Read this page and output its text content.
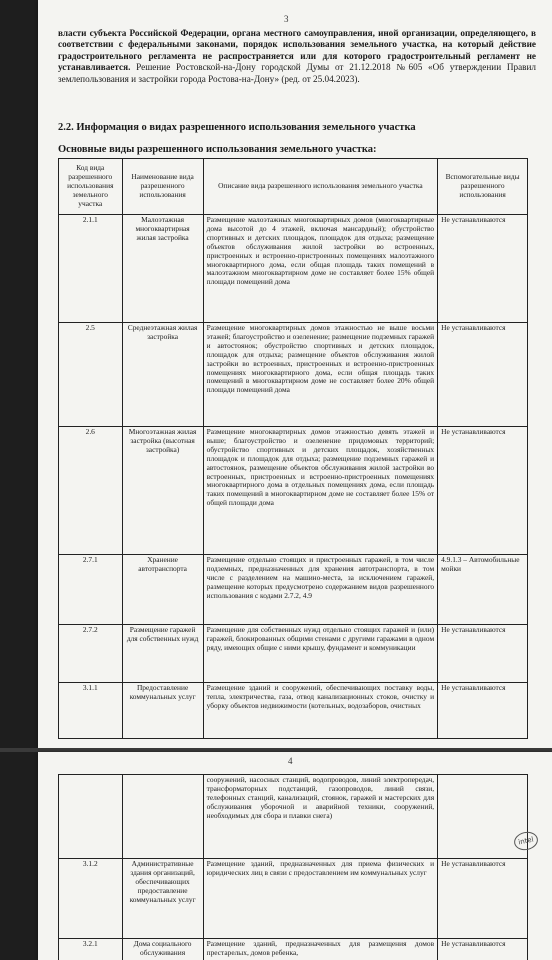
3
власти субъекта Российской Федерации, органа местного самоуправления, иной организации, определяющего, в соответствии с федеральными законами, порядок использования земельного участка, на который действие градостроительного регламента не распространяется или для которого градостроительный регламент не устанавливается. Решение Ростовской-на-Дону городской Думы от 21.12.2018 №605 «Об утверждении Правил землепользования и застройки города Ростова-на-Дону» (ред. от 25.04.2023).
2.2. Информация о видах разрешенного использования земельного участка
Основные виды разрешенного использования земельного участка:
Код вида разрешенного использования земельного участка	Наименование вида разрешенного использования	Описание вида разрешенного использования земельного участка	Вспомогательные виды разрешенного использования
2.1.1	Малоэтажная многоквартирная жилая застройка	Размещение малоэтажных многоквартирных домов (многоквартирные дома высотой до 4 этажей, включая мансардный); обустройство спортивных и детских площадок, площадок для отдыха; размещение объектов обслуживания жилой застройки во встроенных, пристроенных и встроенно-пристроенных помещениях малоэтажного многоквартирного дома, если общая площадь таких помещений в малоэтажном многоквартирном доме не составляет более 15% общей площади помещений дома	Не устанавливаются
2.5	Среднеэтажная жилая застройка	Размещение многоквартирных домов этажностью не выше восьми этажей; благоустройство и озеленение; размещение подземных гаражей и автостоянок; обустройство спортивных и детских площадок, площадок для отдыха; размещение объектов обслуживания жилой застройки во встроенных, пристроенных и встроенно-пристроенных помещениях многоквартирного дома, если общая площадь таких помещений в многоквартирном доме не составляет более 20% общей площади помещений дома	Не устанавливаются
2.6	Многоэтажная жилая застройка (высотная застройка)	Размещение многоквартирных домов этажностью девять этажей и выше; благоустройство и озеленение придомовых территорий; обустройство спортивных и детских площадок, хозяйственных площадок и площадок для отдыха; размещение подземных гаражей и автостоянок, размещение объектов обслуживания жилой застройки во встроенных, пристроенных и встроенно-пристроенных помещениях многоквартирного дома в отдельных помещениях дома, если площадь таких помещений в многоквартирном доме не составляет более 15% от общей площади дома	Не устанавливаются
2.7.1	Хранение автотранспорта	Размещение отдельно стоящих и пристроенных гаражей, в том числе подземных, предназначенных для хранения автотранспорта, в том числе с разделением на машино-места, за исключением гаражей, размещение которых предусмотрено содержанием видов разрешенного использования с кодами 2.7.2, 4.9	4.9.1.3 – Автомобильные мойки
2.7.2	Размещение гаражей для собственных нужд	Размещение для собственных нужд отдельно стоящих гаражей и (или) гаражей, блокированных общими стенами с другими гаражами в одном ряду, имеющих общие с ними крышу, фундамент и коммуникации	Не устанавливаются
3.1.1	Предоставление коммунальных услуг	Размещение зданий и сооружений, обеспечивающих поставку воды, тепла, электричества, газа, отвод канализационных стоков, очистку и уборку объектов недвижимости (котельных, водозаборов, очистных	Не устанавливаются
4
		сооружений, насосных станций, водопроводов, линий электропередач, трансформаторных подстанций, газопроводов, линий связи, телефонных станций, канализаций, стоянок, гаражей и мастерских для обслуживания уборочной и аварийной техники, сооружений, необходимых для сбора и плавки снега)	
3.1.2	Административные здания организаций, обеспечивающих предоставление коммунальных услуг	Размещение зданий, предназначенных для приема физических и юридических лиц в связи с предоставлением им коммунальных услуг	Не устанавливаются
3.2.1	Дома социального обслуживания	Размещение зданий, предназначенных для размещения домов престарелых, домов ребенка,	Не устанавливаются
intel
